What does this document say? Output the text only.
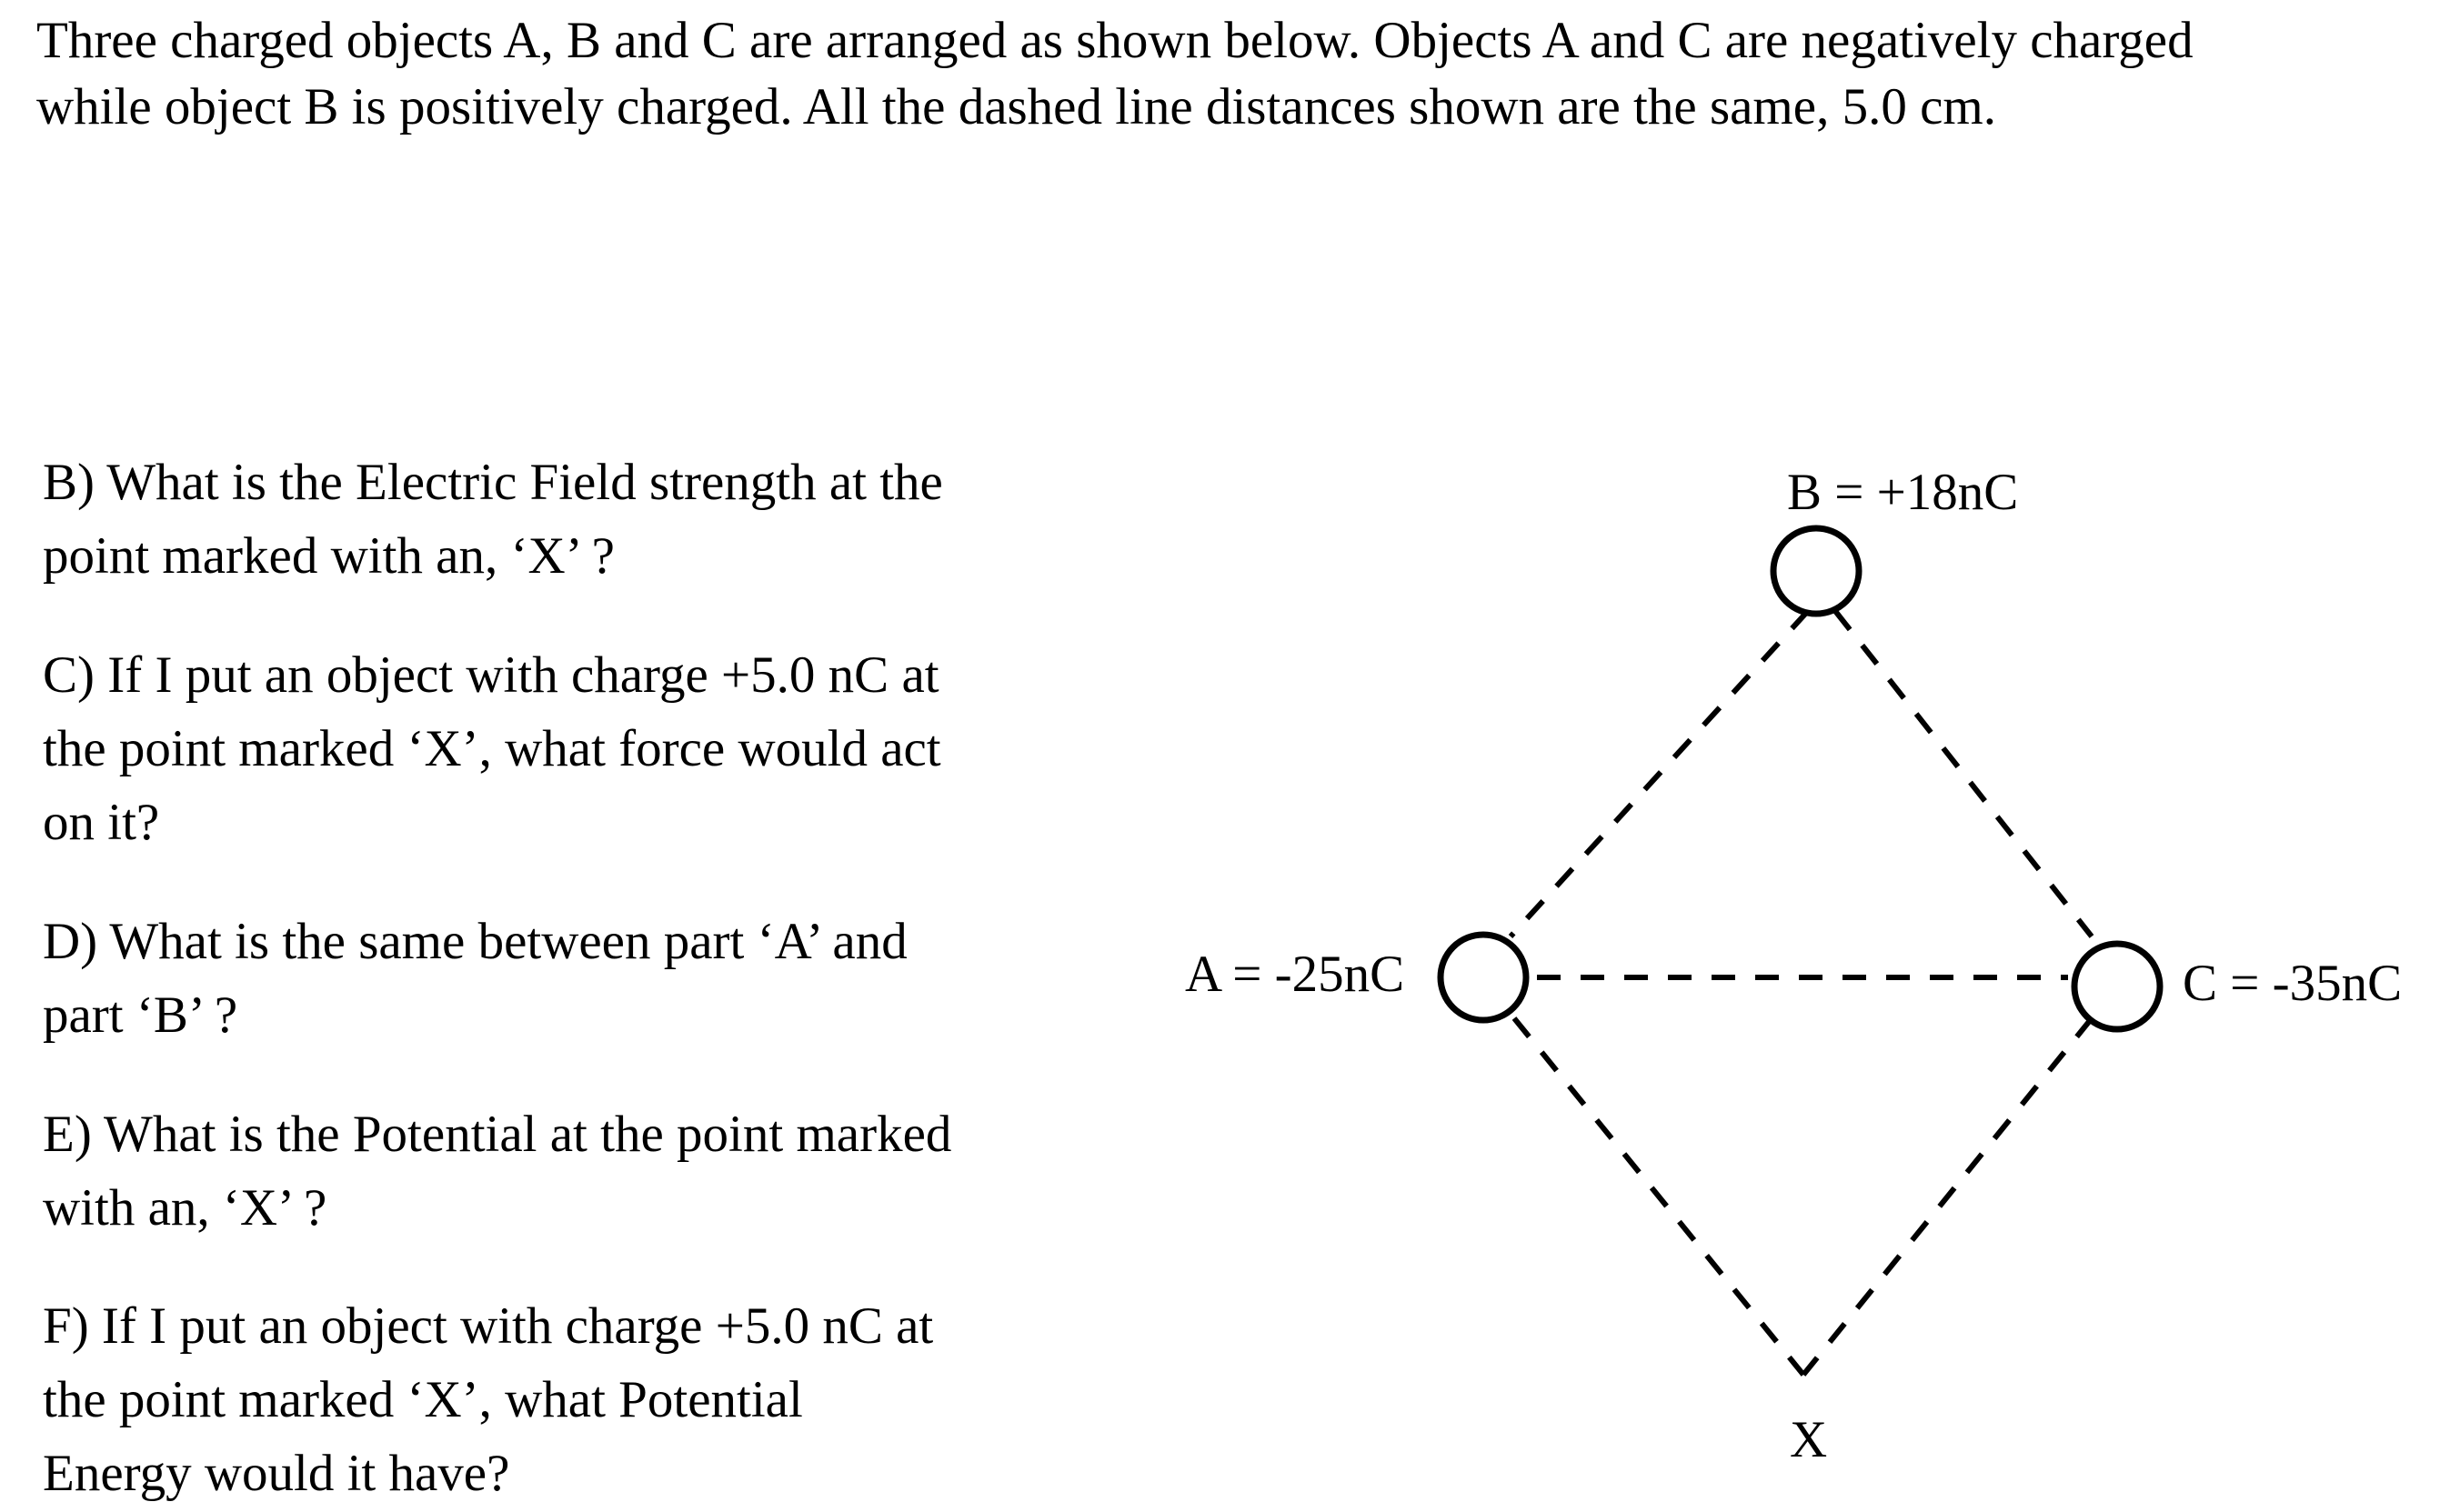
Three charged objects A, B and C are arranged as shown below. Objects A and C are negatively charged
while object B is positively charged. All the dashed line distances shown are the same, 5.0 cm.
B) What is the Electric Field strength at the
point marked with an, ‘X’ ?
C) If I put an object with charge +5.0 nC at
the point marked ‘X’, what force would act
on it?
D) What is the same between part ‘A’ and
part ‘B’ ?
E) What is the Potential at the point marked
with an, ‘X’ ?
F) If I put an object with charge +5.0 nC at
the point marked ‘X’, what Potential
Energy would it have?
B = +18nC
A = -25nC	C = -35nC
X
